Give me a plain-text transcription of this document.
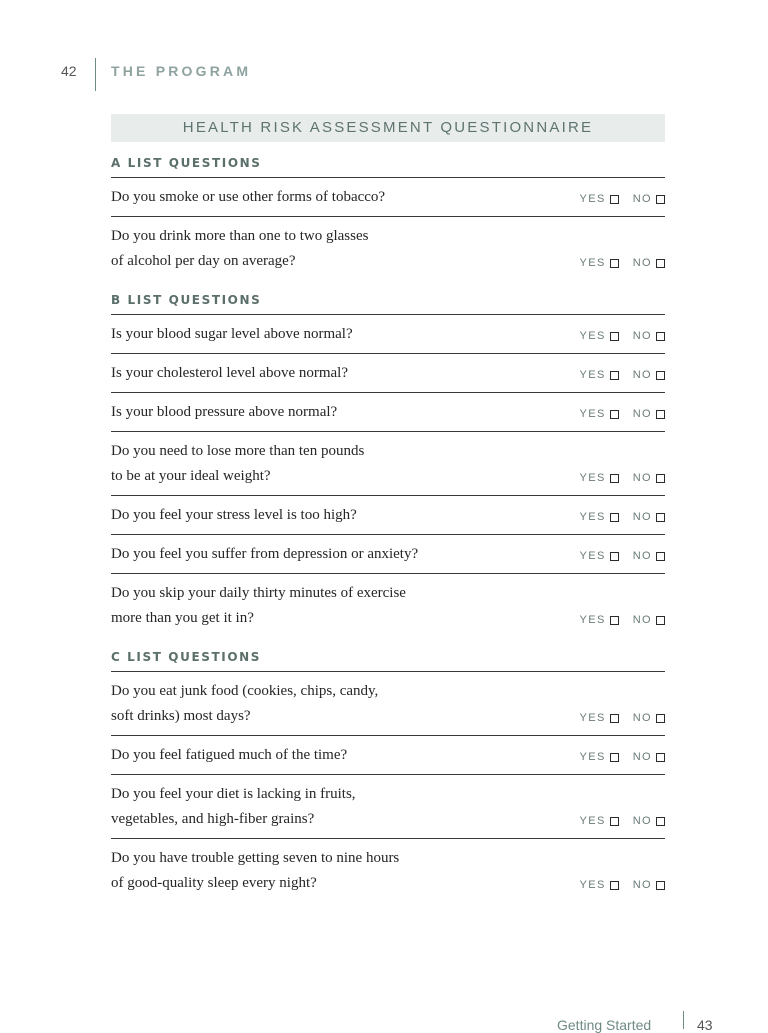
42 THE PROGRAM
HEALTH RISK ASSESSMENT QUESTIONNAIRE
A LIST QUESTIONS
Do you smoke or use other forms of tobacco?	YES NO
Do you drink more than one to two glasses
of alcohol per day on average?	YES NO
B LIST QUESTIONS
Is your blood sugar level above normal?	YES NO
Is your cholesterol level above normal?	YES NO
Is your blood pressure above normal?	YES NO
Do you need to lose more than ten pounds
to be at your ideal weight?	YES NO
Do you feel your stress level is too high?	YES NO
Do you feel you suffer from depression or anxiety?	YES NO
Do you skip your daily thirty minutes of exercise
more than you get it in?	YES NO
C LIST QUESTIONS
Do you eat junk food (cookies, chips, candy,
soft drinks) most days?	YES NO
Do you feel fatigued much of the time?	YES NO
Do you feel your diet is lacking in fruits,
vegetables, and high-fiber grains?	YES NO
Do you have trouble getting seven to nine hours
of good-quality sleep every night?	YES NO
Getting Started	43
